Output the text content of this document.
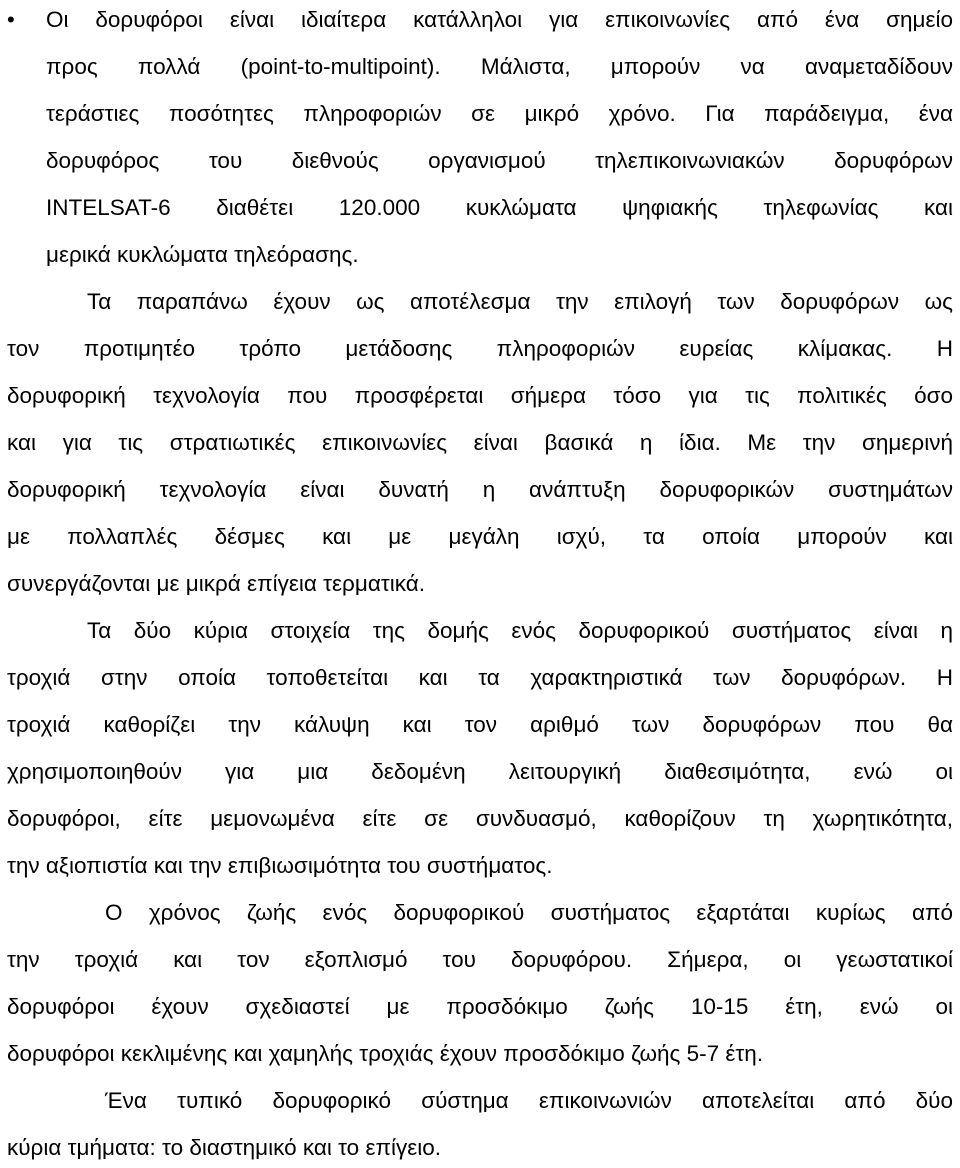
• Οι δορυφόροι είναι ιδιαίτερα κατάλληλοι για επικοινωνίες από ένα σημείο
προς πολλά (point-to-multipoint). Μάλιστα, μπορούν να αναμεταδίδουν
τεράστιες ποσότητες πληροφοριών σε μικρό χρόνο. Για παράδειγμα, ένα
δορυφόρος του διεθνούς οργανισμού τηλεπικοινωνιακών δορυφόρων
INTELSAT-6 διαθέτει 120.000 κυκλώματα ψηφιακής τηλεφωνίας και
μερικά κυκλώματα τηλεόρασης.
Τα παραπάνω έχουν ως αποτέλεσμα την επιλογή των δορυφόρων ως
τον προτιμητέο τρόπο μετάδοσης πληροφοριών ευρείας κλίμακας. Η
δορυφορική τεχνολογία που προσφέρεται σήμερα τόσο για τις πολιτικές όσο
και για τις στρατιωτικές επικοινωνίες είναι βασικά η ίδια. Με την σημερινή
δορυφορική τεχνολογία είναι δυνατή η ανάπτυξη δορυφορικών συστημάτων
με πολλαπλές δέσμες και με μεγάλη ισχύ, τα οποία μπορούν και
συνεργάζονται με μικρά επίγεια τερματικά.
Τα δύο κύρια στοιχεία της δομής ενός δορυφορικού συστήματος είναι η
τροχιά στην οποία τοποθετείται και τα χαρακτηριστικά των δορυφόρων. Η
τροχιά καθορίζει την κάλυψη και τον αριθμό των δορυφόρων που θα
χρησιμοποιηθούν για μια δεδομένη λειτουργική διαθεσιμότητα, ενώ οι
δορυφόροι, είτε μεμονωμένα είτε σε συνδυασμό, καθορίζουν τη χωρητικότητα,
την αξιοπιστία και την επιβιωσιμότητα του συστήματος.
Ο χρόνος ζωής ενός δορυφορικού συστήματος εξαρτάται κυρίως από
την τροχιά και τον εξοπλισμό του δορυφόρου. Σήμερα, οι γεωστατικοί
δορυφόροι έχουν σχεδιαστεί με προσδόκιμο ζωής 10-15 έτη, ενώ οι
δορυφόροι κεκλιμένης και χαμηλής τροχιάς έχουν προσδόκιμο ζωής 5-7 έτη.
Ένα τυπικό δορυφορικό σύστημα επικοινωνιών αποτελείται από δύο
κύρια τμήματα: το διαστημικό και το επίγειο.
